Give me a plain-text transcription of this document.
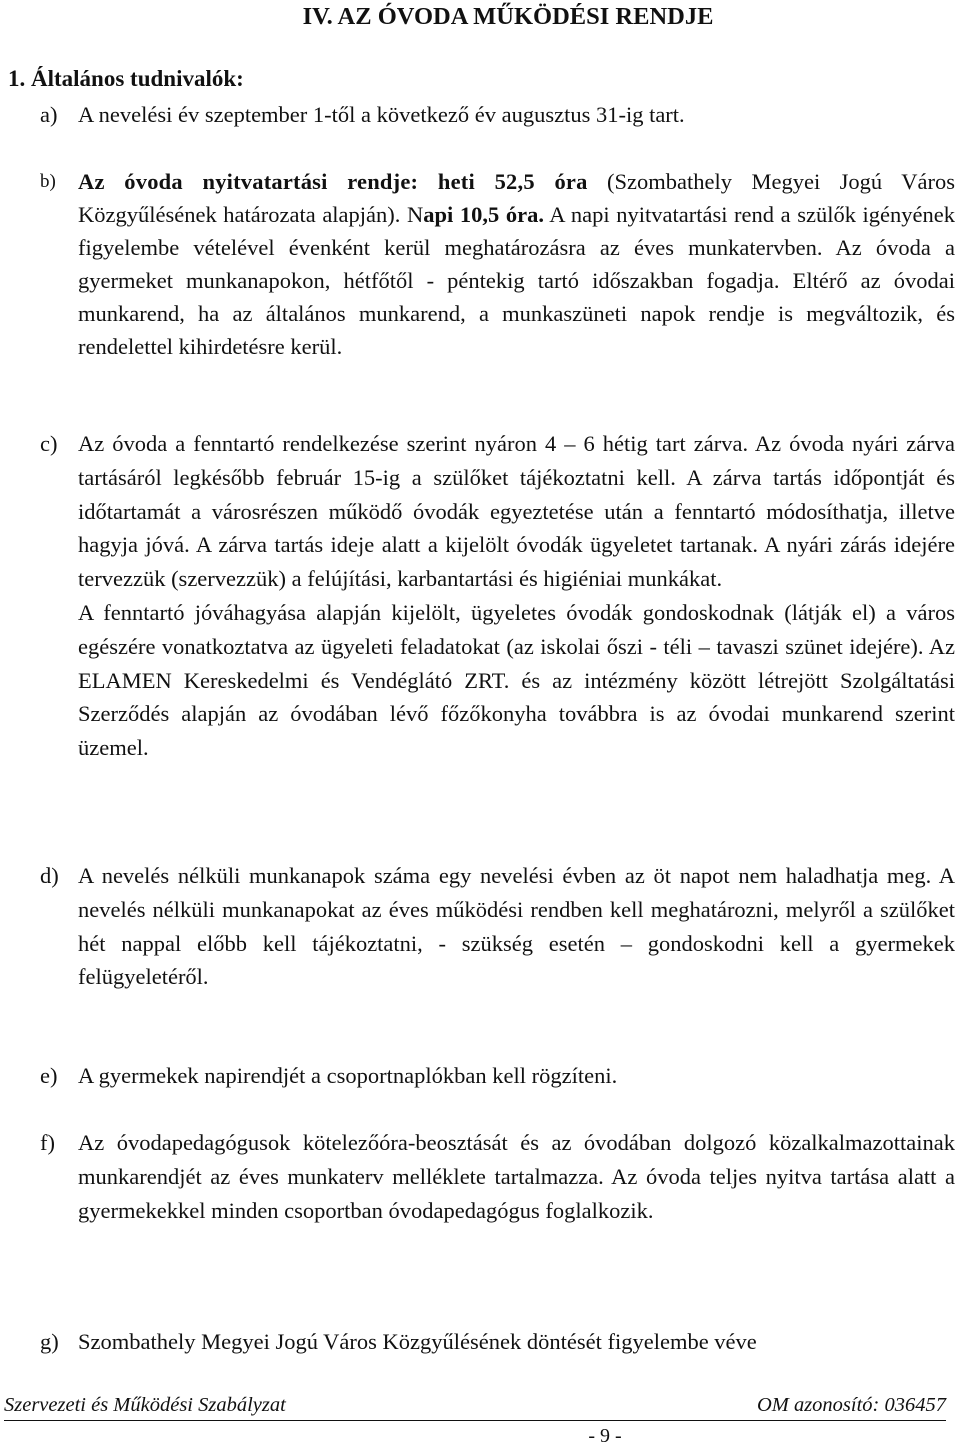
IV. AZ ÓVODA MŰKÖDÉSI RENDJE
1. Általános tudnivalók:
a) A nevelési év szeptember 1-től a következő év augusztus 31-ig tart.
b) Az óvoda nyitvatartási rendje: heti 52,5 óra (Szombathely Megyei Jogú Város Közgyűlésének határozata alapján). Napi 10,5 óra. A napi nyitvatartási rend a szülők igényének figyelembe vételével évenként kerül meghatározásra az éves munkatervben. Az óvoda a gyermeket munkanapokon, hétfőtől - péntekig tartó időszakban fogadja. Eltérő az óvodai munkarend, ha az általános munkarend, a munkaszüneti napok rendje is megváltozik, és rendelettel kihirdetésre kerül.
c) Az óvoda a fenntartó rendelkezése szerint nyáron 4 – 6 hétig tart zárva. Az óvoda nyári zárva tartásáról legkésőbb február 15-ig a szülőket tájékoztatni kell. A zárva tartás időpontját és időtartamát a városrészen működő óvodák egyeztetése után a fenntartó módosíthatja, illetve hagyja jóvá. A zárva tartás ideje alatt a kijelölt óvodák ügyeletet tartanak. A nyári zárás idejére tervezzük (szervezzük) a felújítási, karbantartási és higiéniai munkákat.
A fenntartó jóváhagyása alapján kijelölt, ügyeletes óvodák gondoskodnak (látják el) a város egészére vonatkoztatva az ügyeleti feladatokat (az iskolai őszi - téli – tavaszi szünet idejére). Az ELAMEN Kereskedelmi és Vendéglátó ZRT. és az intézmény között létrejött Szolgáltatási Szerződés alapján az óvodában lévő főzőkonyha továbbra is az óvodai munkarend szerint üzemel.
d) A nevelés nélküli munkanapok száma egy nevelési évben az öt napot nem haladhatja meg. A nevelés nélküli munkanapokat az éves működési rendben kell meghatározni, melyről a szülőket hét nappal előbb kell tájékoztatni, - szükség esetén – gondoskodni kell a gyermekek felügyeletéről.
e) A gyermekek napirendjét a csoportnaplókban kell rögzíteni.
f) Az óvodapedagógusok kötelezőóra-beosztását és az óvodában dolgozó közalkalmazottainak munkarendjét az éves munkaterv melléklete tartalmazza. Az óvoda teljes nyitva tartása alatt a gyermekekkel minden csoportban óvodapedagógus foglalkozik.
g) Szombathely Megyei Jogú Város Közgyűlésének döntését figyelembe véve
Szervezeti és Működési Szabályzat	OM azonosító: 036457
- 9 -
